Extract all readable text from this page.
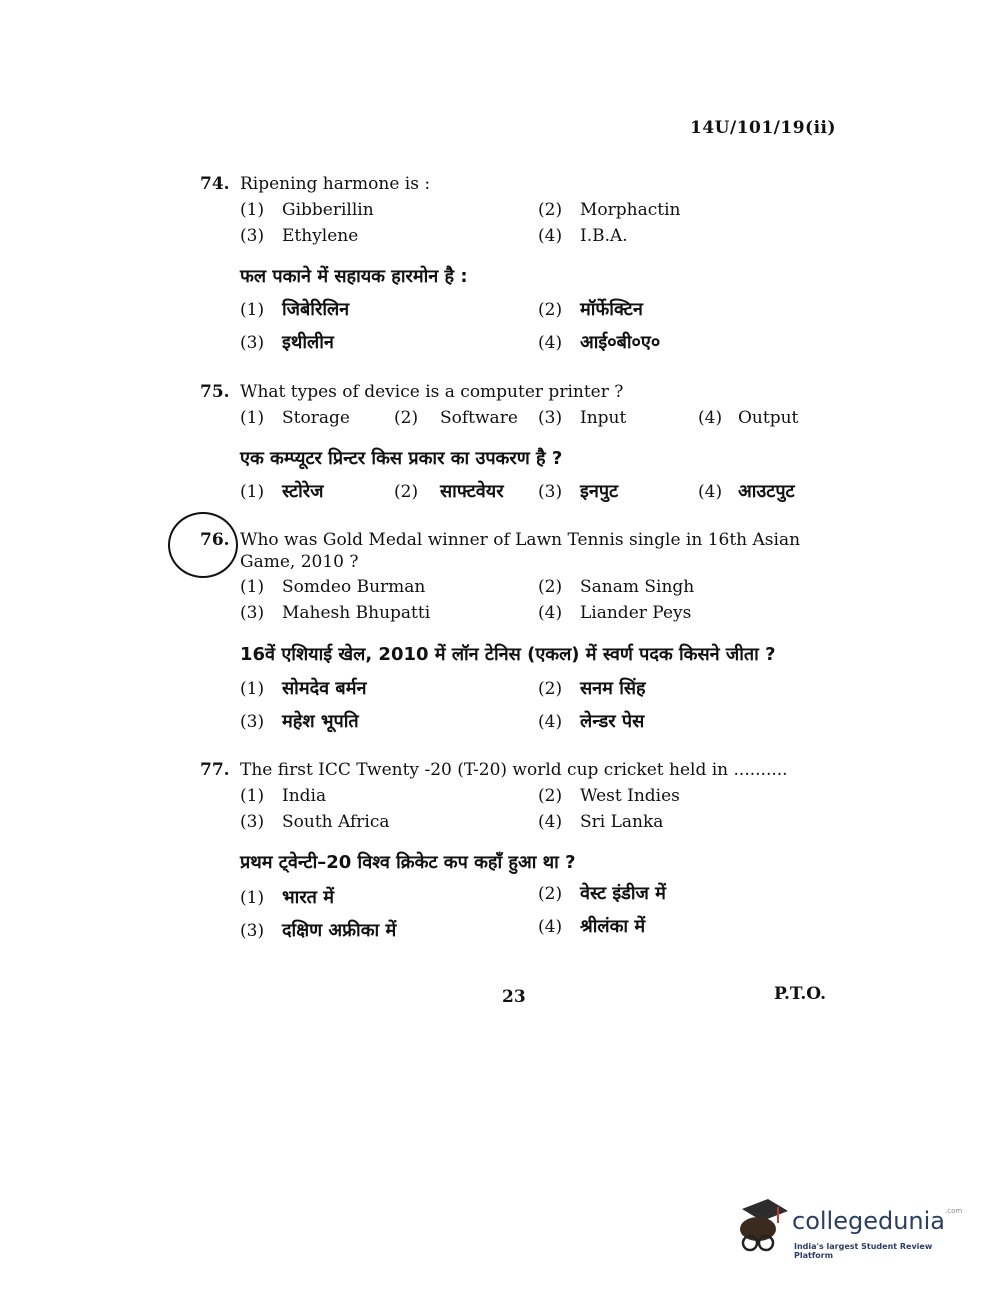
14U/101/19(ii)
74. Ripening harmone is :
(1) Gibberillin	(2) Morphactin
(3) Ethylene	(4) I.B.A.
फल पकाने में सहायक हारमोन है :
(1) जिबेरिलिन	(2) मॉर्फेक्टिन
(3) इथीलीन	(4) आई०बी०ए०
75. What types of device is a computer printer ?
(1) Storage	(2) Software (3) Input	(4) Output
एक कम्प्यूटर प्रिन्टर किस प्रकार का उपकरण है ?
(1) स्टोरेज	(2) साफ्टवेयर (3) इनपुट	(4) आउटपुट
76. Who was Gold Medal winner of Lawn Tennis single in 16th Asian
Game, 2010 ?
(1) Somdeo Burman	(2) Sanam Singh
(3) Mahesh Bhupatti	(4) Liander Peys
16वें एशियाई खेल, 2010 में लॉन टेनिस (एकल) में स्वर्ण पदक किसने जीता ?
(1) सोमदेव बर्मन	(2) सनम सिंह
(3) महेश भूपति	(4) लेन्डर पेस
77. The first ICC Twenty -20 (T-20) world cup cricket held in ..........
(1) India	(2) West Indies
(3) South Africa	(4) Sri Lanka
प्रथम ट्वेन्टी–20 विश्व क्रिकेट कप कहाँ हुआ था ?
(1) भारत में	(2) वेस्ट इंडीज में
(3) दक्षिण अफ्रीका में	(4) श्रीलंका में
23	P.T.O.
collegedunia$^{.com}$
India's largest Student Review Platform
